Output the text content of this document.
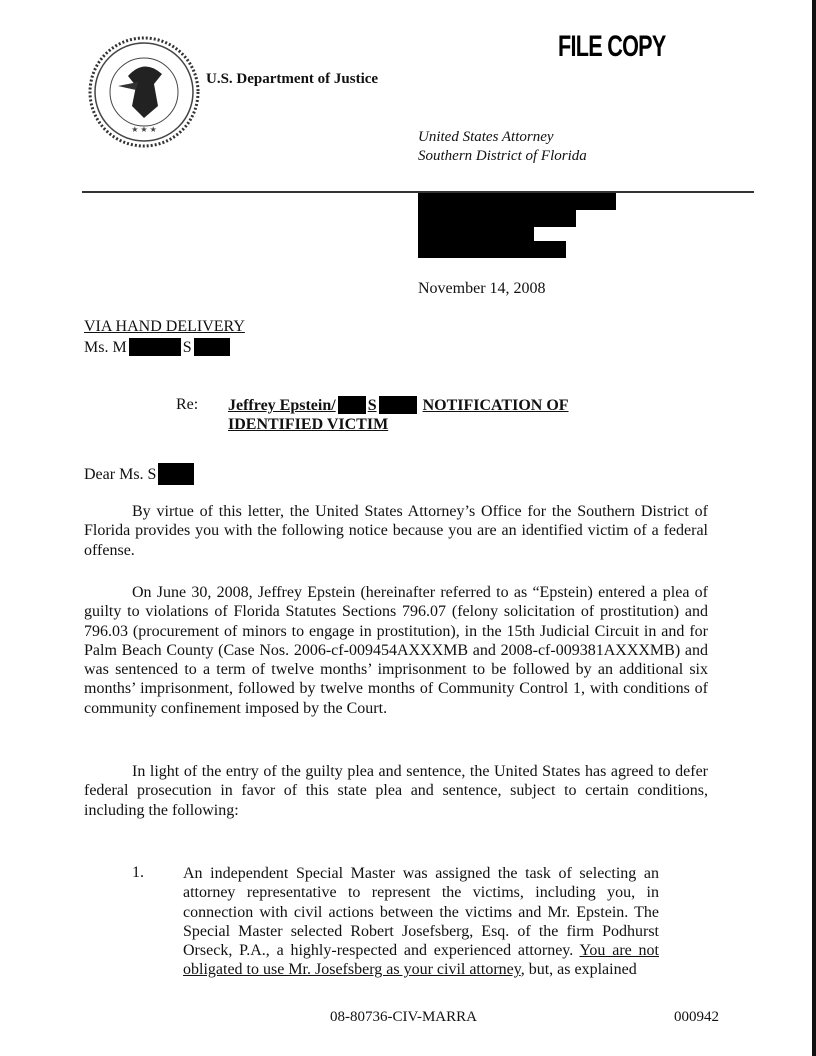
★ ★ ★
U.S. Department of Justice
FILE COPY
United States Attorney
Southern District of Florida
November 14, 2008
VIA HAND DELIVERY
Ms. M	S
Re: Jeffrey Epstein/ S	NOTIFICATION OF
IDENTIFIED VICTIM
Dear Ms. S
By virtue of this letter, the United States Attorney’s Office for the Southern District of Florida provides you with the following notice because you are an identified victim of a federal offense.
On June 30, 2008, Jeffrey Epstein (hereinafter referred to as “Epstein) entered a plea of guilty to violations of Florida Statutes Sections 796.07 (felony solicitation of prostitution) and 796.03 (procurement of minors to engage in prostitution), in the 15th Judicial Circuit in and for Palm Beach County (Case Nos. 2006-cf-009454AXXXMB and 2008-cf-009381AXXXMB) and was sentenced to a term of twelve months’ imprisonment to be followed by an additional six months’ imprisonment, followed by twelve months of Community Control 1, with conditions of community confinement imposed by the Court.
In light of the entry of the guilty plea and sentence, the United States has agreed to defer federal prosecution in favor of this state plea and sentence, subject to certain conditions, including the following:
1. An independent Special Master was assigned the task of selecting an attorney representative to represent the victims, including you, in connection with civil actions between the victims and Mr. Epstein. The Special Master selected Robert Josefsberg, Esq. of the firm Podhurst Orseck, P.A., a highly-respected and experienced attorney. You are not obligated to use Mr. Josefsberg as your civil attorney, but, as explained
08-80736-CIV-MARRA	000942
